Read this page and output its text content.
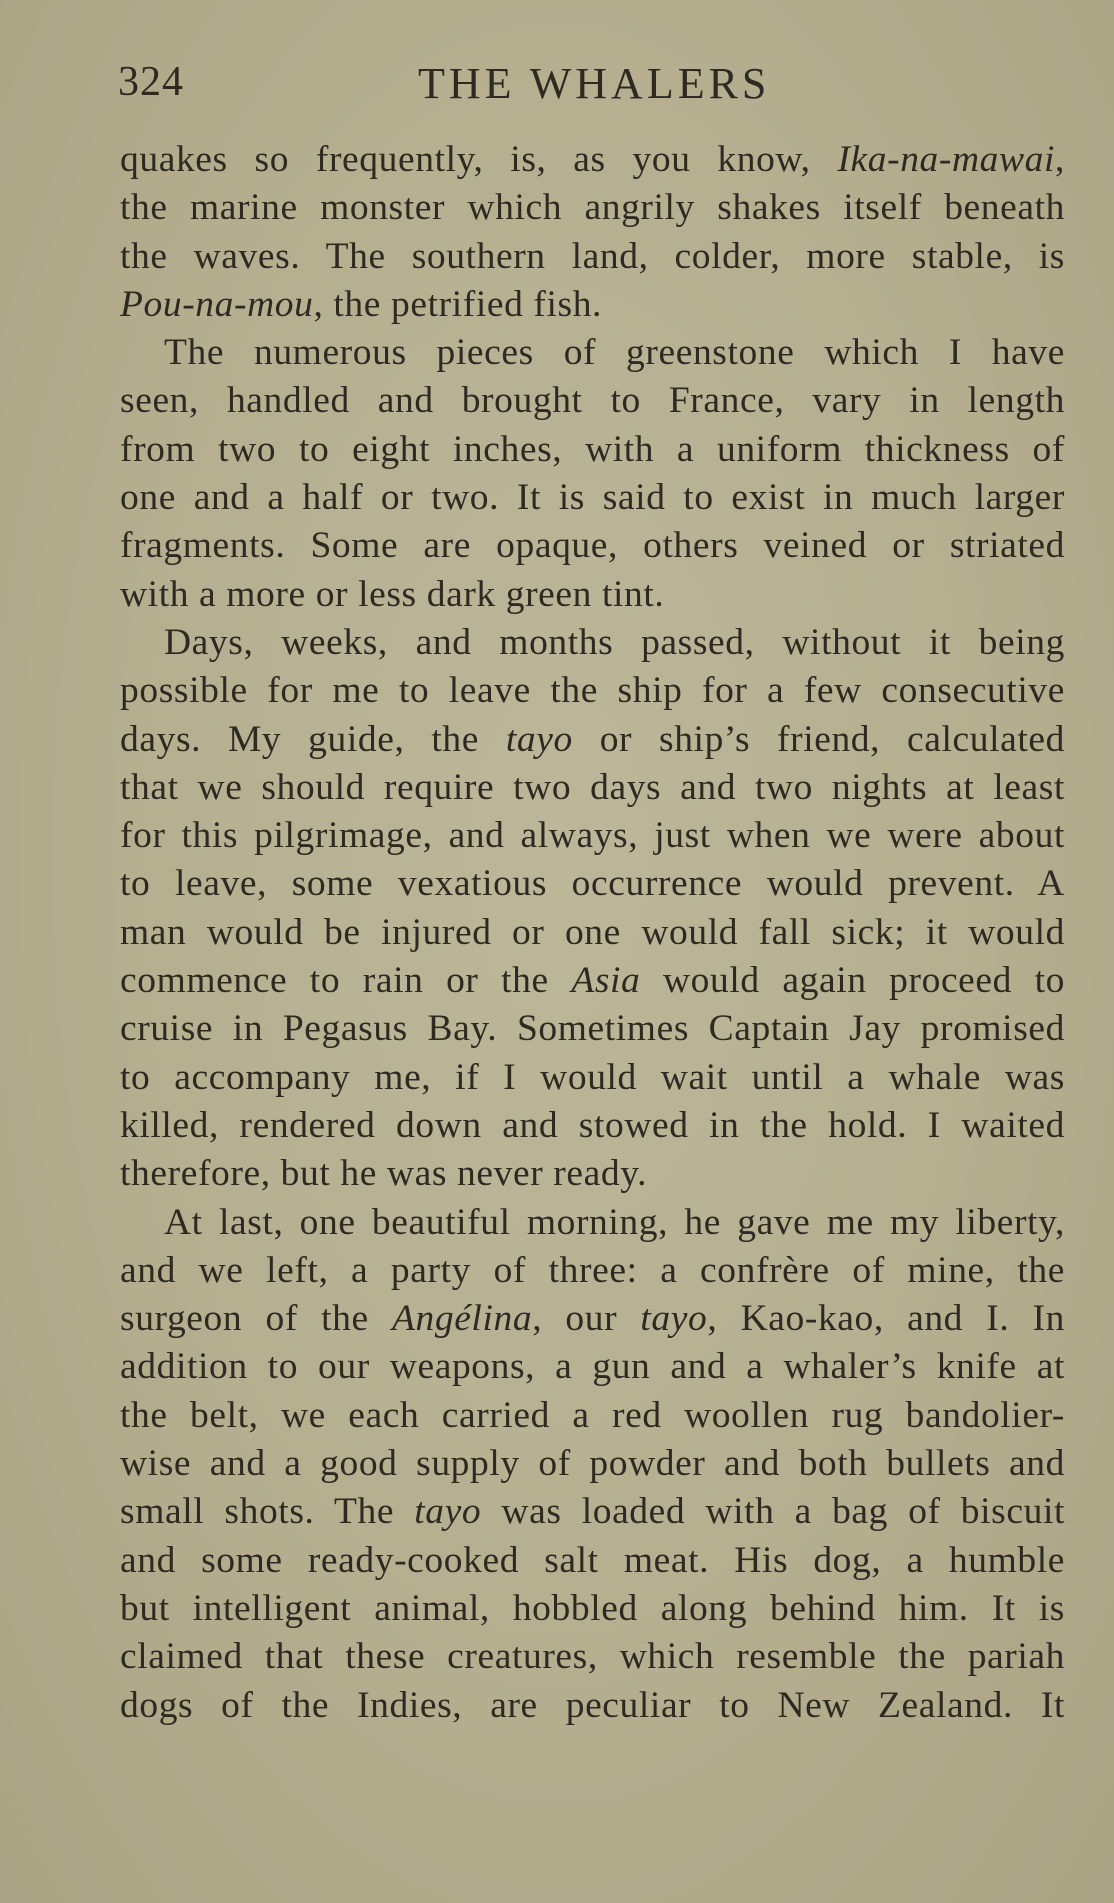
324	THE WHALERS
quakes so frequently, is, as you know, Ika-na-mawai,
the marine monster which angrily shakes itself beneath
the waves. The southern land, colder, more stable, is
Pou-na-mou, the petrified fish.
The numerous pieces of greenstone which I have
seen, handled and brought to France, vary in length
from two to eight inches, with a uniform thickness of
one and a half or two. It is said to exist in much larger
fragments. Some are opaque, others veined or striated
with a more or less dark green tint.
Days, weeks, and months passed, without it being
possible for me to leave the ship for a few consecutive
days. My guide, the tayo or ship’s friend, calculated
that we should require two days and two nights at least
for this pilgrimage, and always, just when we were about
to leave, some vexatious occurrence would prevent. A
man would be injured or one would fall sick; it would
commence to rain or the Asia would again proceed to
cruise in Pegasus Bay. Sometimes Captain Jay promised
to accompany me, if I would wait until a whale was
killed, rendered down and stowed in the hold. I waited
therefore, but he was never ready.
At last, one beautiful morning, he gave me my liberty,
and we left, a party of three: a confrère of mine, the
surgeon of the Angélina, our tayo, Kao-kao, and I. In
addition to our weapons, a gun and a whaler’s knife at
the belt, we each carried a red woollen rug bandolier-
wise and a good supply of powder and both bullets and
small shots. The tayo was loaded with a bag of biscuit
and some ready-cooked salt meat. His dog, a humble
but intelligent animal, hobbled along behind him. It is
claimed that these creatures, which resemble the pariah
dogs of the Indies, are peculiar to New Zealand. It
